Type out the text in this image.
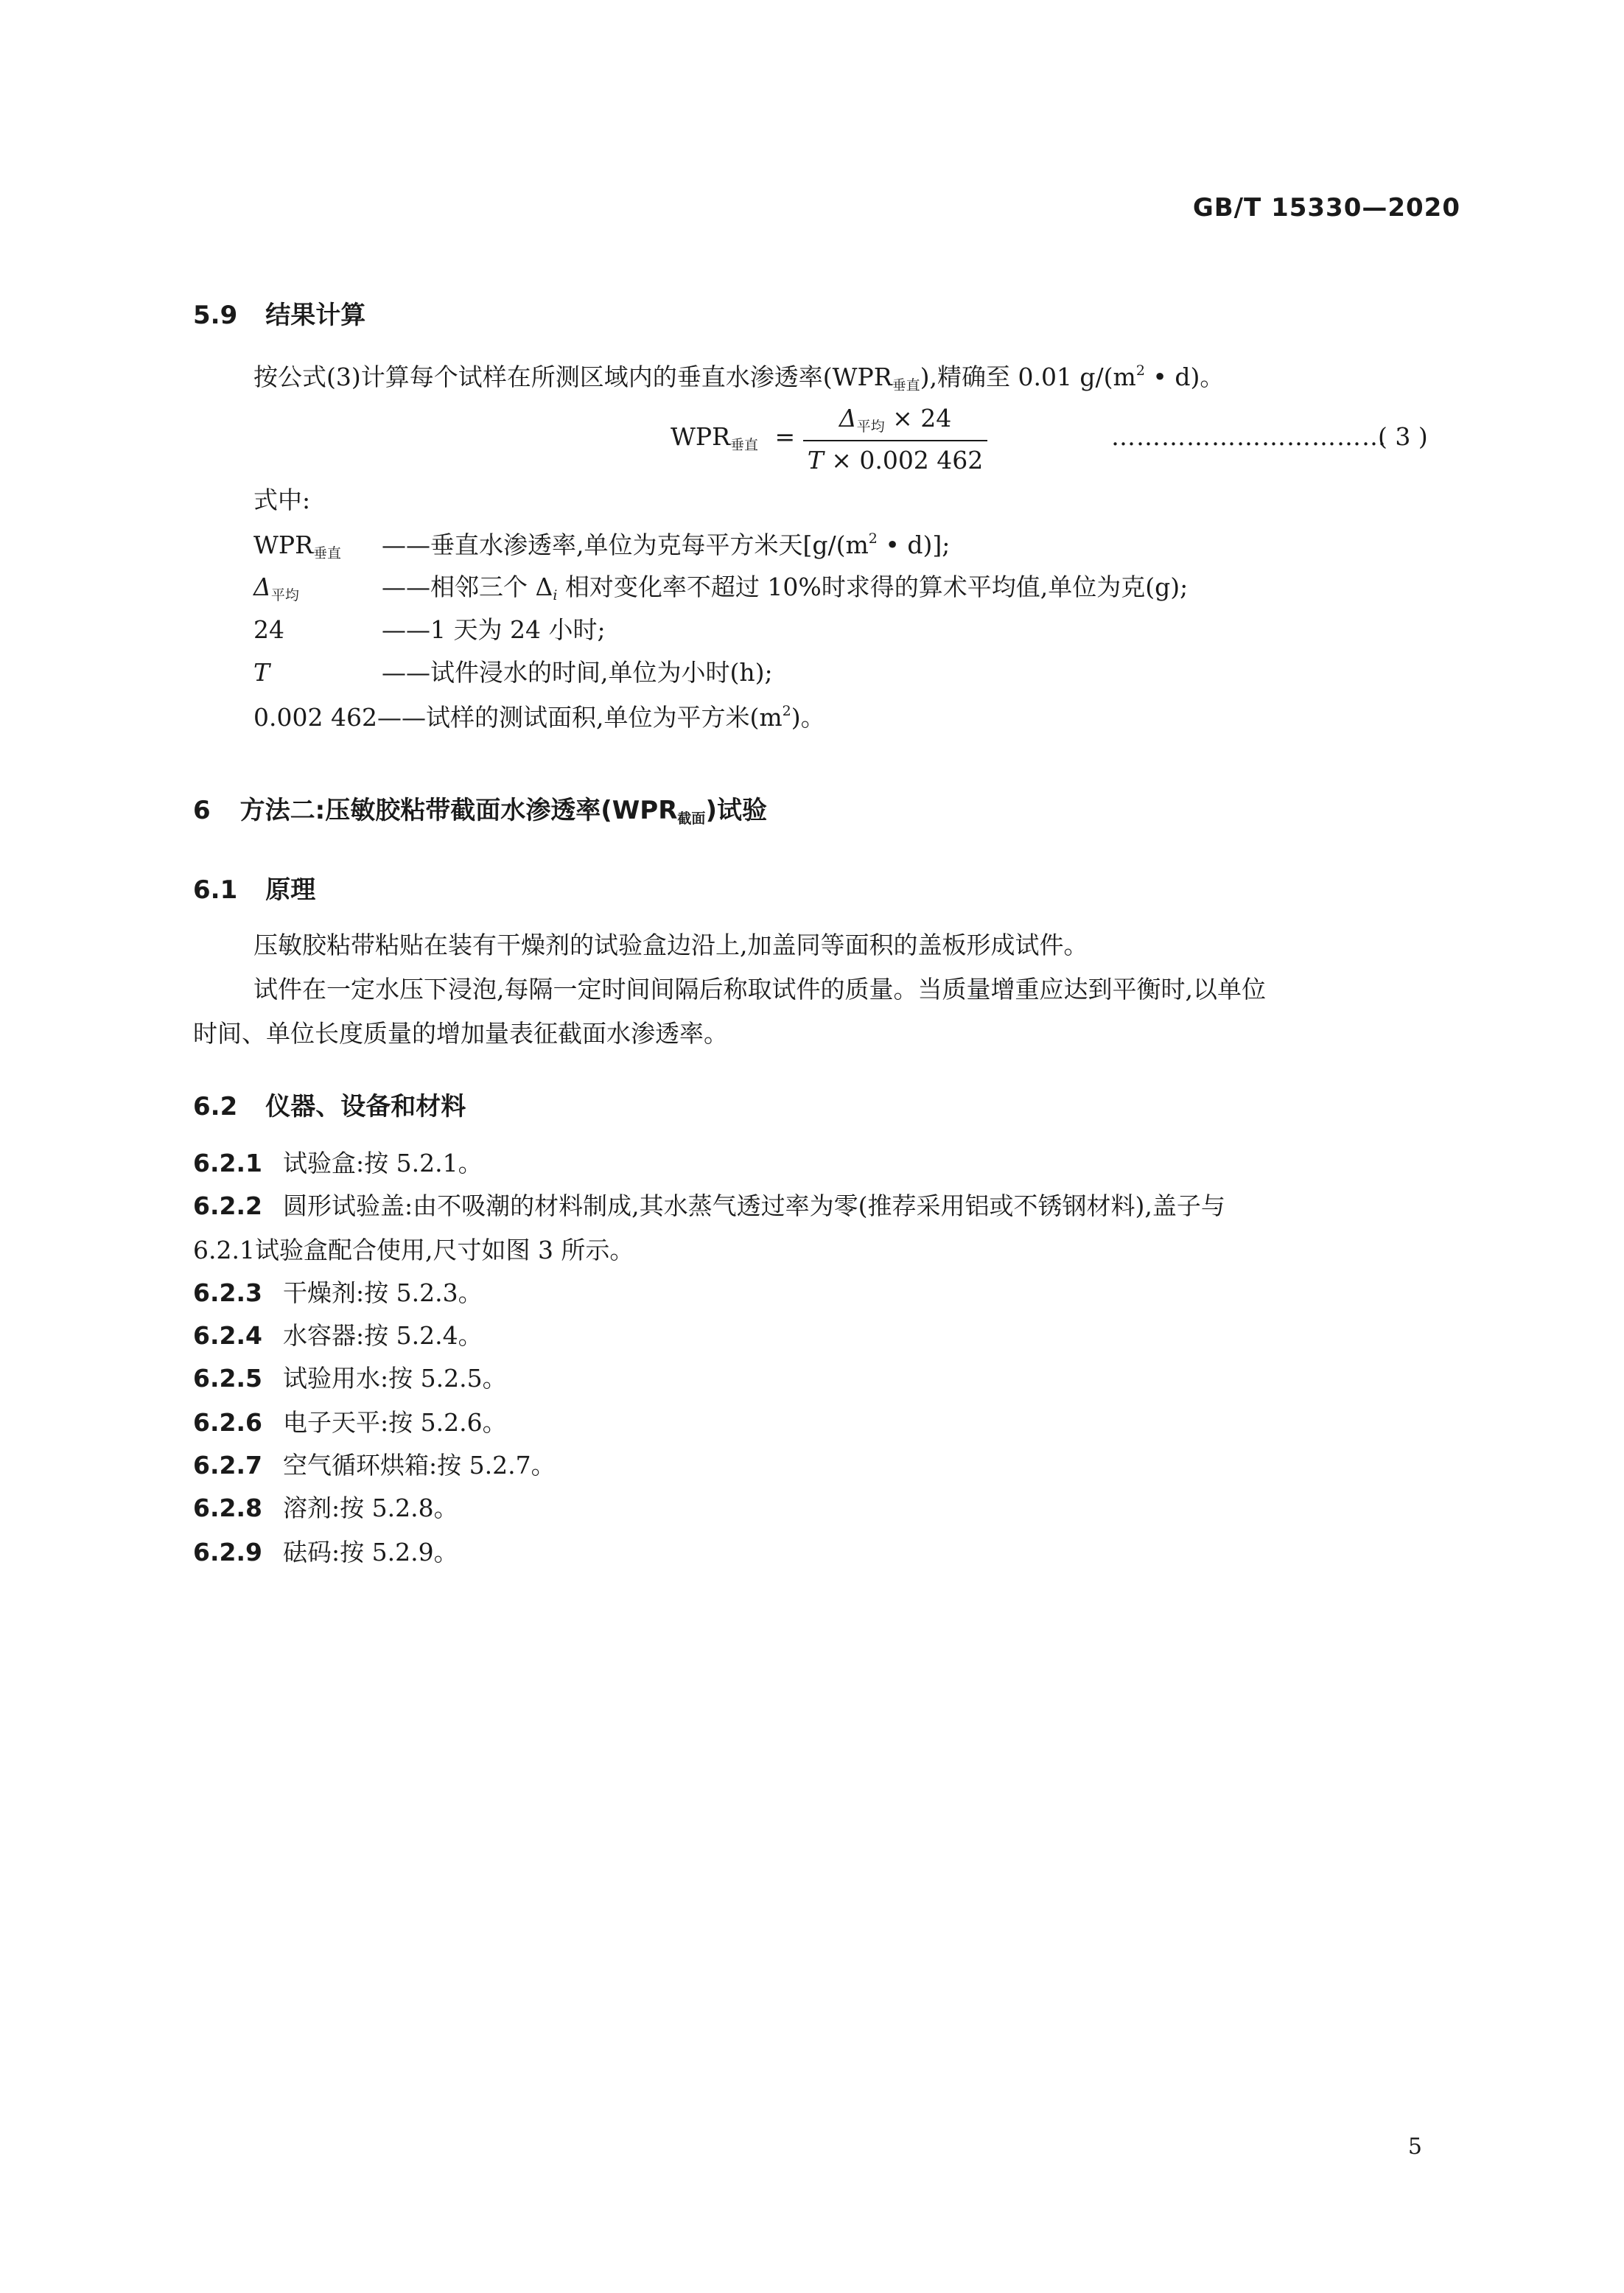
GB/T 15330—2020
5.9 结果计算
按公式(3)计算每个试样在所测区域内的垂直水渗透率$(WPR_{垂直})$,精确至 0.01 $g/(m^2$ • d)。
$WPR_{垂直}$ =
$\Delta_{平均} \times 24$
T × 0.002 462
……………………………
( 3 )
式中:
$WPR_{垂直}$ ——垂直水渗透率,单位为克每平方米天[$g/(m^2$ • d)];
$\Delta_{平均}$	——相邻三个 $\Delta_i$ 相对变化率不超过 10%时求得的算术平均值,单位为克(g);
24	——1 天为 24 小时;
T	——试件浸水的时间,单位为小时(h);
0.002 462——试样的测试面积,单位为平方米$(m^2)$。
6 方法二:压敏胶粘带截面水渗透率$(WPR_{截面})$试验
6.1 原理
压敏胶粘带粘贴在装有干燥剂的试验盒边沿上,加盖同等面积的盖板形成试件。
试件在一定水压下浸泡,每隔一定时间间隔后称取试件的质量。当质量增重应达到平衡时,以单位
时间、单位长度质量的增加量表征截面水渗透率。
6.2 仪器、设备和材料
6.2.1 试验盒:按 5.2.1。
6.2.2 圆形试验盖:由不吸潮的材料制成,其水蒸气透过率为零(推荐采用铝或不锈钢材料),盖子与
6.2.1试验盒配合使用,尺寸如图 3 所示。
6.2.3 干燥剂:按 5.2.3。
6.2.4 水容器:按 5.2.4。
6.2.5 试验用水:按 5.2.5。
6.2.6 电子天平:按 5.2.6。
6.2.7 空气循环烘箱:按 5.2.7。
6.2.8 溶剂:按 5.2.8。
6.2.9 砝码:按 5.2.9。
5
